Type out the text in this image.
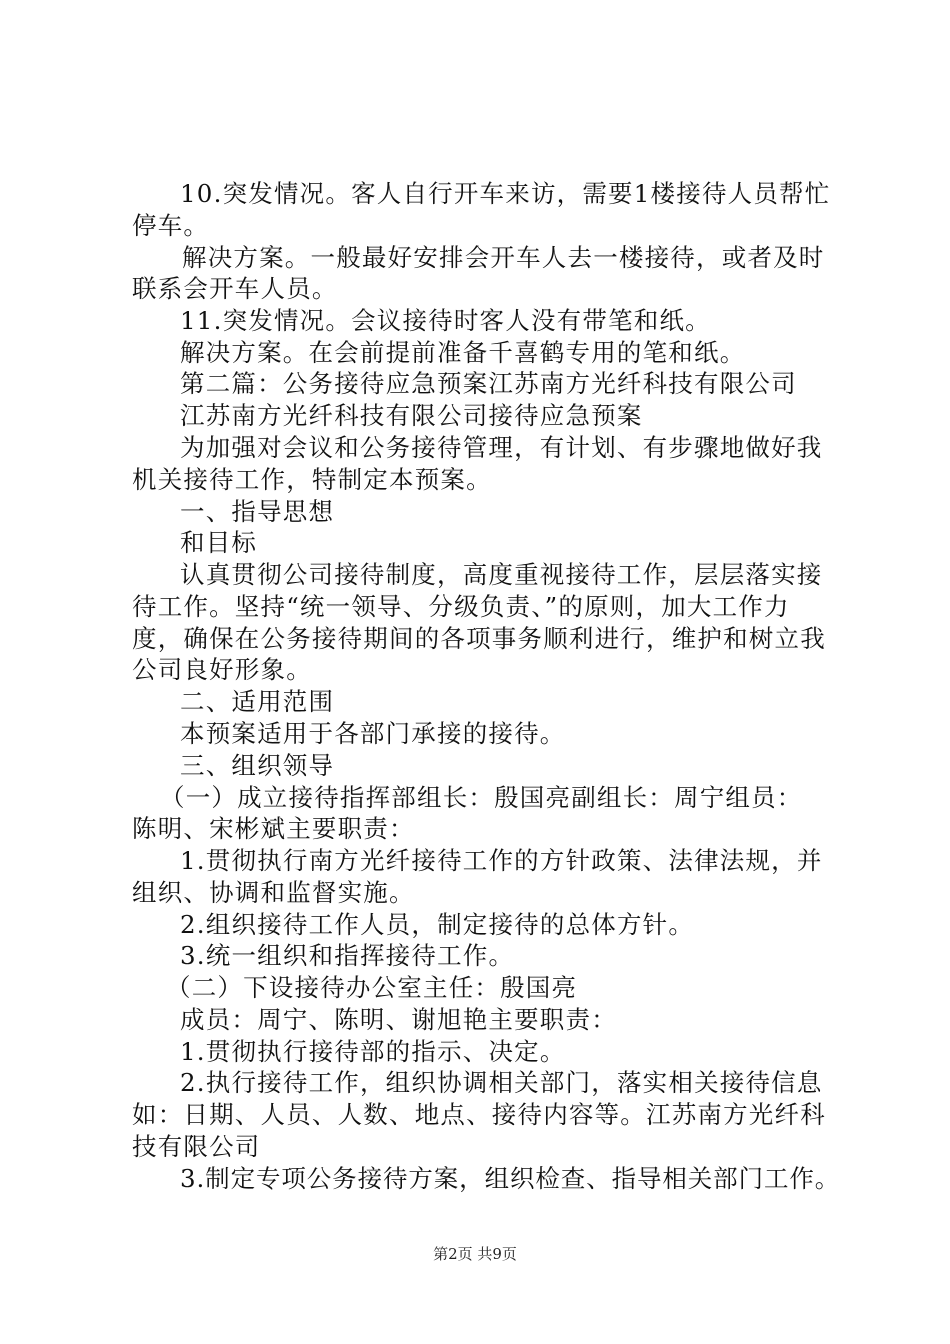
10.突发情况。客人自行开车来访，需要1楼接待人员帮忙
停车。
解决方案。一般最好安排会开车人去一楼接待，或者及时
联系会开车人员。
11.突发情况。会议接待时客人没有带笔和纸。
解决方案。在会前提前准备千喜鹤专用的笔和纸。
第二篇：公务接待应急预案江苏南方光纤科技有限公司
江苏南方光纤科技有限公司接待应急预案
为加强对会议和公务接待管理，有计划、有步骤地做好我
机关接待工作，特制定本预案。
一、指导思想
和目标
认真贯彻公司接待制度，高度重视接待工作，层层落实接
待工作。坚持“统一领导、分级负责、”的原则，加大工作力
度，确保在公务接待期间的各项事务顺利进行，维护和树立我
公司良好形象。
二、适用范围
本预案适用于各部门承接的接待。
三、组织领导
（一）成立接待指挥部组长：殷国亮副组长：周宁组员：
陈明、宋彬斌主要职责：
1.贯彻执行南方光纤接待工作的方针政策、法律法规，并
组织、协调和监督实施。
2.组织接待工作人员，制定接待的总体方针。
3.统一组织和指挥接待工作。
（二）下设接待办公室主任：殷国亮
成员：周宁、陈明、谢旭艳主要职责：
1.贯彻执行接待部的指示、决定。
2.执行接待工作，组织协调相关部门，落实相关接待信息
如：日期、人员、人数、地点、接待内容等。江苏南方光纤科
技有限公司
3.制定专项公务接待方案，组织检查、指导相关部门工作。
第2页 共9页
